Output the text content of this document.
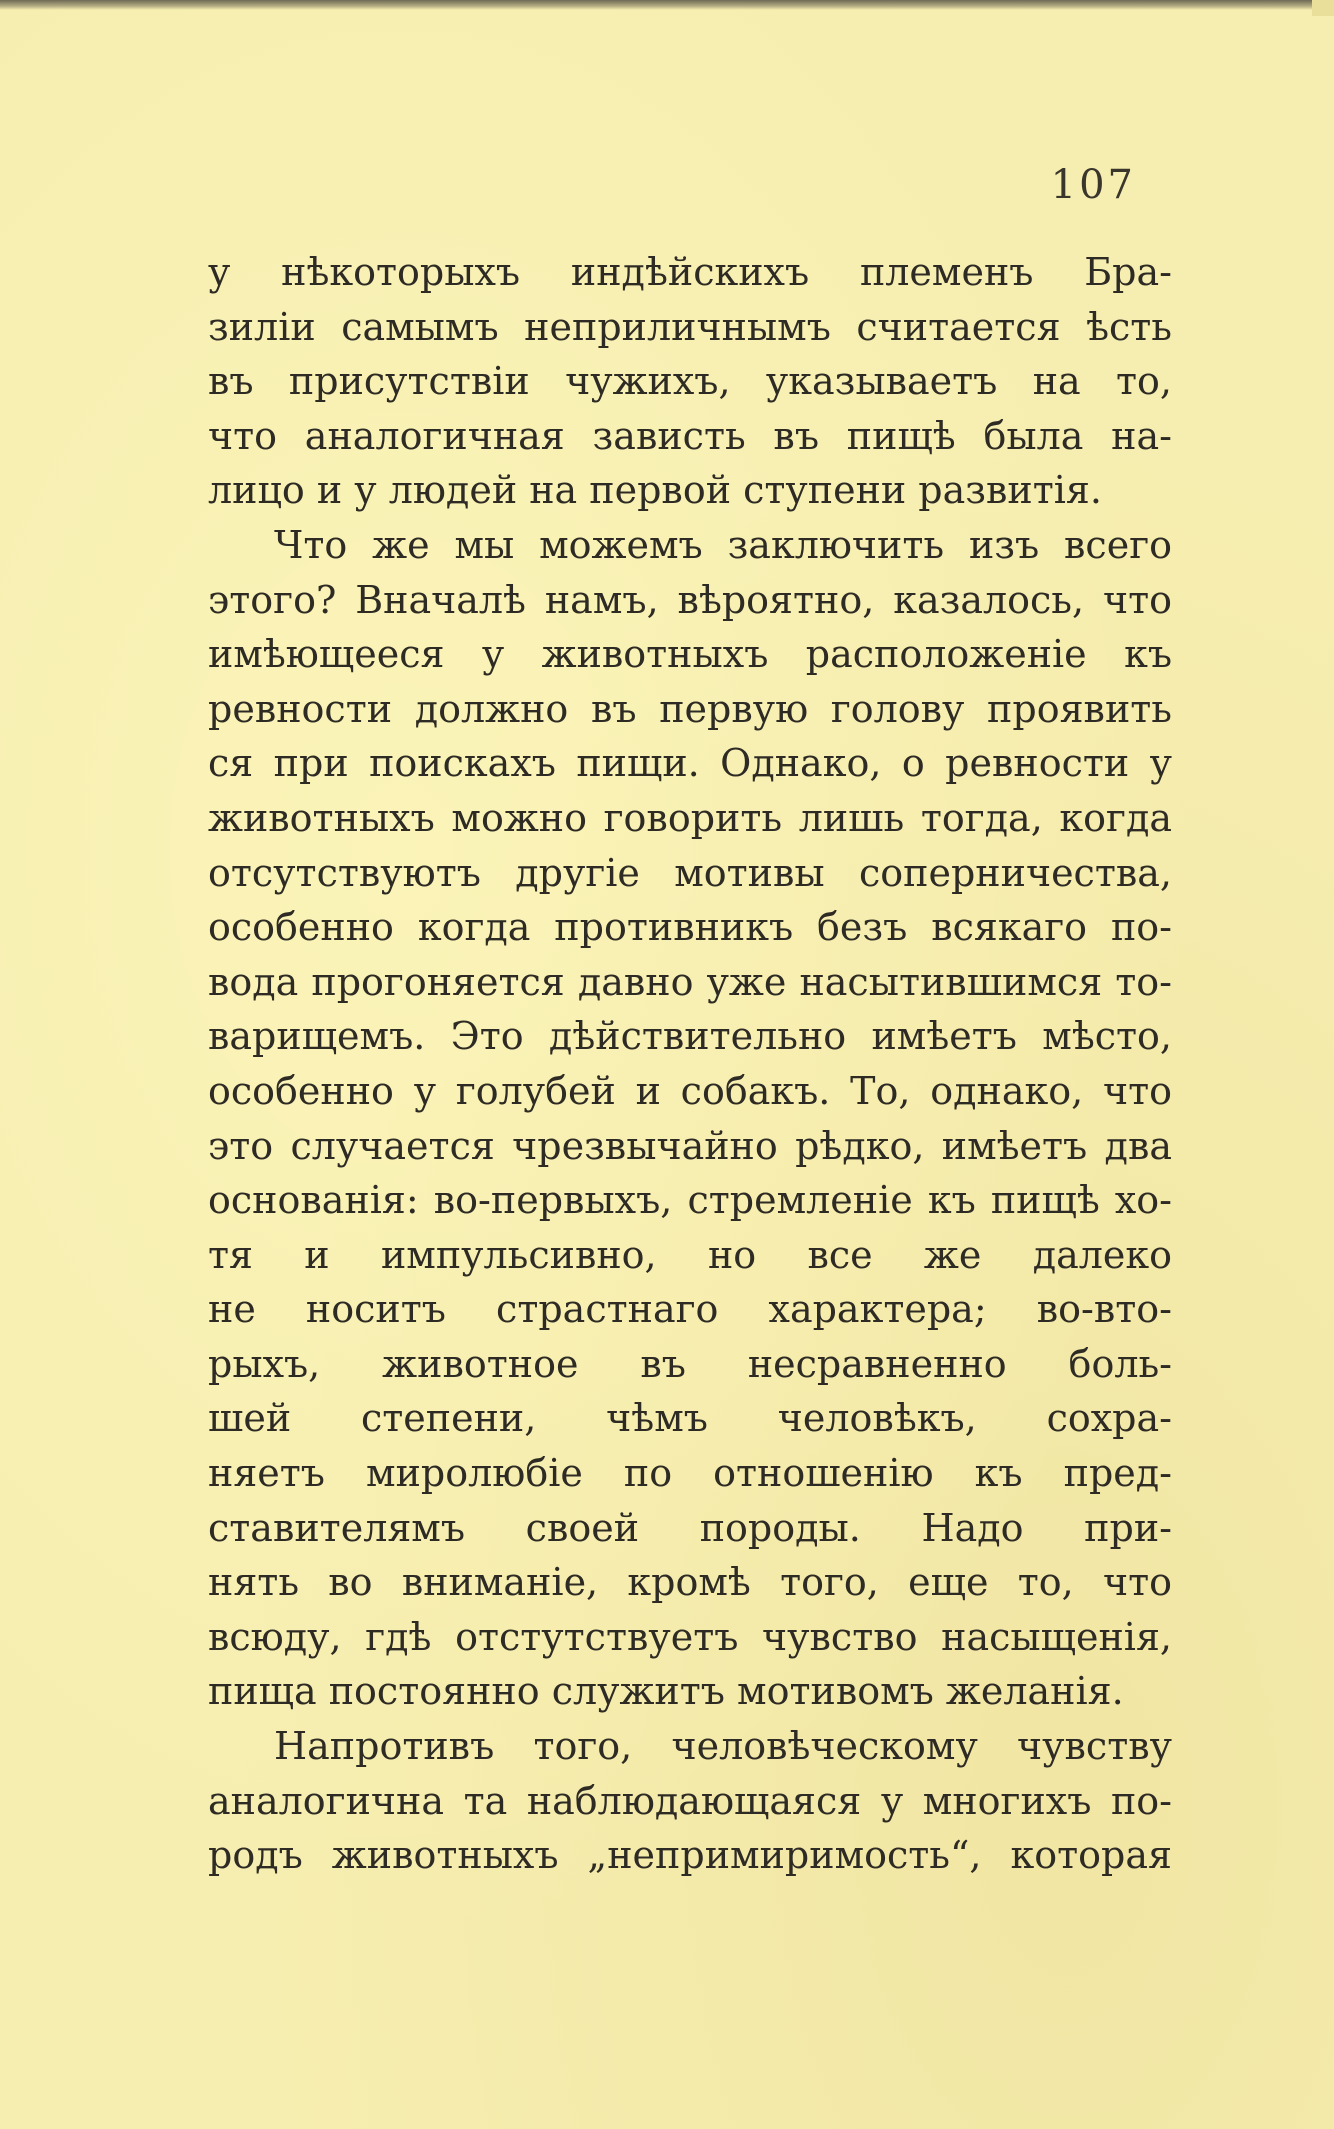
107
у нѣкоторыхъ индѣйскихъ племенъ Бра-
зиліи самымъ неприличнымъ считается ѣсть
въ присутствіи чужихъ, указываетъ на то,
что аналогичная зависть въ пищѣ была на-
лицо и у людей на первой ступени развитія.
Что же мы можемъ заключить изъ всего
этого? Вначалѣ намъ, вѣроятно, казалось, что
имѣющееся у животныхъ расположеніе къ
ревности должно въ первую голову проявить
ся при поискахъ пищи. Однако, о ревности у
животныхъ можно говорить лишь тогда, когда
отсутствуютъ другіе мотивы соперничества,
особенно когда противникъ безъ всякаго по-
вода прогоняется давно уже насытившимся то-
варищемъ. Это дѣйствительно имѣетъ мѣсто,
особенно у голубей и собакъ. То, однако, что
это случается чрезвычайно рѣдко, имѣетъ два
основанія: во-первыхъ, стремленіе къ пищѣ хо-
тя и импульсивно, но все же далеко
не носитъ страстнаго характера; во-вто-
рыхъ, животное въ несравненно боль-
шей степени, чѣмъ человѣкъ, сохра-
няетъ миролюбіе по отношенію къ пред-
ставителямъ своей породы. Надо при-
нять во вниманіе, кромѣ того, еще то, что
всюду, гдѣ отстутствуетъ чувство насыщенія,
пища постоянно служитъ мотивомъ желанія.
Напротивъ того, человѣческому чувству
аналогична та наблюдающаяся у многихъ по-
родъ животныхъ „непримиримость“, которая
